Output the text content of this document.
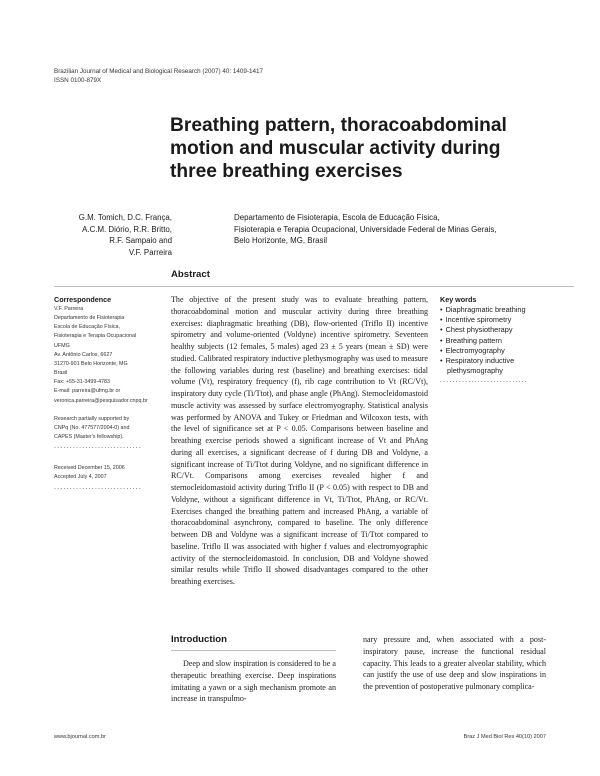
Brazilian Journal of Medical and Biological Research (2007) 40: 1409-1417
ISSN 0100-879X
Breathing pattern, thoracoabdominal
motion and muscular activity during
three breathing exercises
G.M. Tomich, D.C. França,
A.C.M. Diório, R.R. Britto,
R.F. Sampaio and
V.F. Parreira
Departamento de Fisioterapia, Escola de Educação Física,
Fisioterapia e Terapia Ocupacional, Universidade Federal de Minas Gerais,
Belo Horizonte, MG, Brasil
Abstract
Correspondence
V.F. Parreira
Departamento de Fisioterapia
Escola de Educação Física,
Fisioterapia e Terapia Ocupacional
UFMG
Av. Antônio Carlos, 6627
31270-901 Belo Horizonte, MG
Brasil
Fax: +55-31-3499-4783
E-mail: parreira@ufmg.br or
veronica.parreira@pesquisador.cnpq.br
Research partially supported by
CNPq (No. 477577/2004-0) and
CAPES (Master's fellowship).
............................
Received December 15, 2006
Accepted July 4, 2007
............................

The objective of the present study was to evaluate breathing pattern, thoracoabdominal motion and muscular activity during three breathing exercises: diaphragmatic breathing (DB), flow-oriented (Triflo II) incentive spirometry and volume-oriented (Voldyne) incentive spirometry. Seventeen healthy subjects (12 females, 5 males) aged 23 ± 5 years (mean ± SD) were studied. Calibrated respiratory inductive plethysmography was used to measure the following variables during rest (baseline) and breathing exercises: tidal volume (Vt), respiratory frequency (f), rib cage contribution to Vt (RC/Vt), inspiratory duty cycle (Ti/Ttot), and phase angle (PhAng). Sternocleidomastoid muscle activity was assessed by surface electromyography. Statistical analysis was performed by ANOVA and Tukey or Friedman and Wilcoxon tests, with the level of significance set at P < 0.05. Comparisons between baseline and breathing exercise periods showed a significant increase of Vt and PhAng during all exercises, a significant decrease of f during DB and Voldyne, a significant increase of Ti/Ttot during Voldyne, and no significant difference in RC/Vt. Comparisons among exercises revealed higher f and sternocleidomastoid activity during Triflo II (P < 0.05) with respect to DB and Voldyne, without a significant difference in Vt, Ti/Ttot, PhAng, or RC/Vt. Exercises changed the breathing pattern and increased PhAng, a variable of thoracoabdominal asynchrony, compared to baseline. The only difference between DB and Voldyne was a significant increase of Ti/Ttot compared to baseline. Triflo II was associated with higher f values and electromyographic activity of the sternocleidomastoid. In conclusion, DB and Voldyne showed similar results while Triflo II showed disadvantages compared to the other breathing exercises.

Key words
• Diaphragmatic breathing
• Incentive spirometry
• Chest physiotherapy
• Breathing pattern
• Electromyography
• Respiratory inductive plethysmography
............................
Introduction

Deep and slow inspiration is considered to be a therapeutic breathing exercise. Deep inspirations imitating a yawn or a sigh mechanism promote an increase in transpulmo-

nary pressure and, when associated with a post-inspiratory pause, increase the functional residual capacity. This leads to a greater alveolar stability, which can justify the use of use deep and slow inspirations in the prevention of postoperative pulmonary complica-

www.bjournal.com.br	Braz J Med Biol Res 40(10) 2007
